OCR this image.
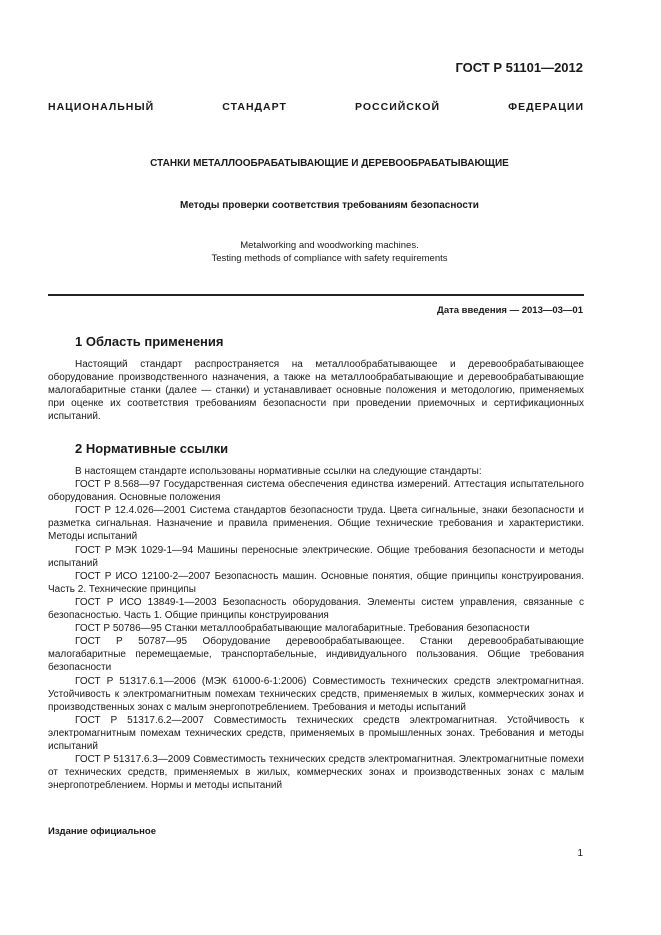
ГОСТ Р 51101—2012
НАЦИОНАЛЬНЫЙ СТАНДАРТ РОССИЙСКОЙ ФЕДЕРАЦИИ
СТАНКИ МЕТАЛЛООБРАБАТЫВАЮЩИЕ И ДЕРЕВООБРАБАТЫВАЮЩИЕ
Методы проверки соответствия требованиям безопасности
Metalworking and woodworking machines.
Testing methods of compliance with safety requirements
Дата введения — 2013—03—01
1 Область применения

Настоящий стандарт распространяется на металлообрабатывающее и деревообрабатывающее оборудование производственного назначения, а также на металлообрабатывающие и деревообрабатывающие малогабаритные станки (далее — станки) и устанавливает основные положения и методологию, применяемых при оценке их соответствия требованиям безопасности при проведении приемочных и сертификационных испытаний.

2 Нормативные ссылки

В настоящем стандарте использованы нормативные ссылки на следующие стандарты:

ГОСТ Р 8.568—97 Государственная система обеспечения единства измерений. Аттестация испытательного оборудования. Основные положения

ГОСТ Р 12.4.026—2001 Система стандартов безопасности труда. Цвета сигнальные, знаки безопасности и разметка сигнальная. Назначение и правила применения. Общие технические требования и характеристики. Методы испытаний

ГОСТ Р МЭК 1029-1—94 Машины переносные электрические. Общие требования безопасности и методы испытаний

ГОСТ Р ИСО 12100-2—2007 Безопасность машин. Основные понятия, общие принципы конструирования. Часть 2. Технические принципы

ГОСТ Р ИСО 13849-1—2003 Безопасность оборудования. Элементы систем управления, связанные с безопасностью. Часть 1. Общие принципы конструирования

ГОСТ Р 50786—95 Станки металлообрабатывающие малогабаритные. Требования безопасности

ГОСТ Р 50787—95 Оборудование деревообрабатывающее. Станки деревообрабатывающие малогабаритные перемещаемые, транспортабельные, индивидуального пользования. Общие требования безопасности

ГОСТ Р 51317.6.1—2006 (МЭК 61000-6-1:2006) Совместимость технических средств электромагнитная. Устойчивость к электромагнитным помехам технических средств, применяемых в жилых, коммерческих зонах и производственных зонах с малым энергопотреблением. Требования и методы испытаний

ГОСТ Р 51317.6.2—2007 Совместимость технических средств электромагнитная. Устойчивость к электромагнитным помехам технических средств, применяемых в промышленных зонах. Требования и методы испытаний

ГОСТ Р 51317.6.3—2009 Совместимость технических средств электромагнитная. Электромагнитные помехи от технических средств, применяемых в жилых, коммерческих зонах и производственных зонах с малым энергопотреблением. Нормы и методы испытаний

Издание официальное
1
